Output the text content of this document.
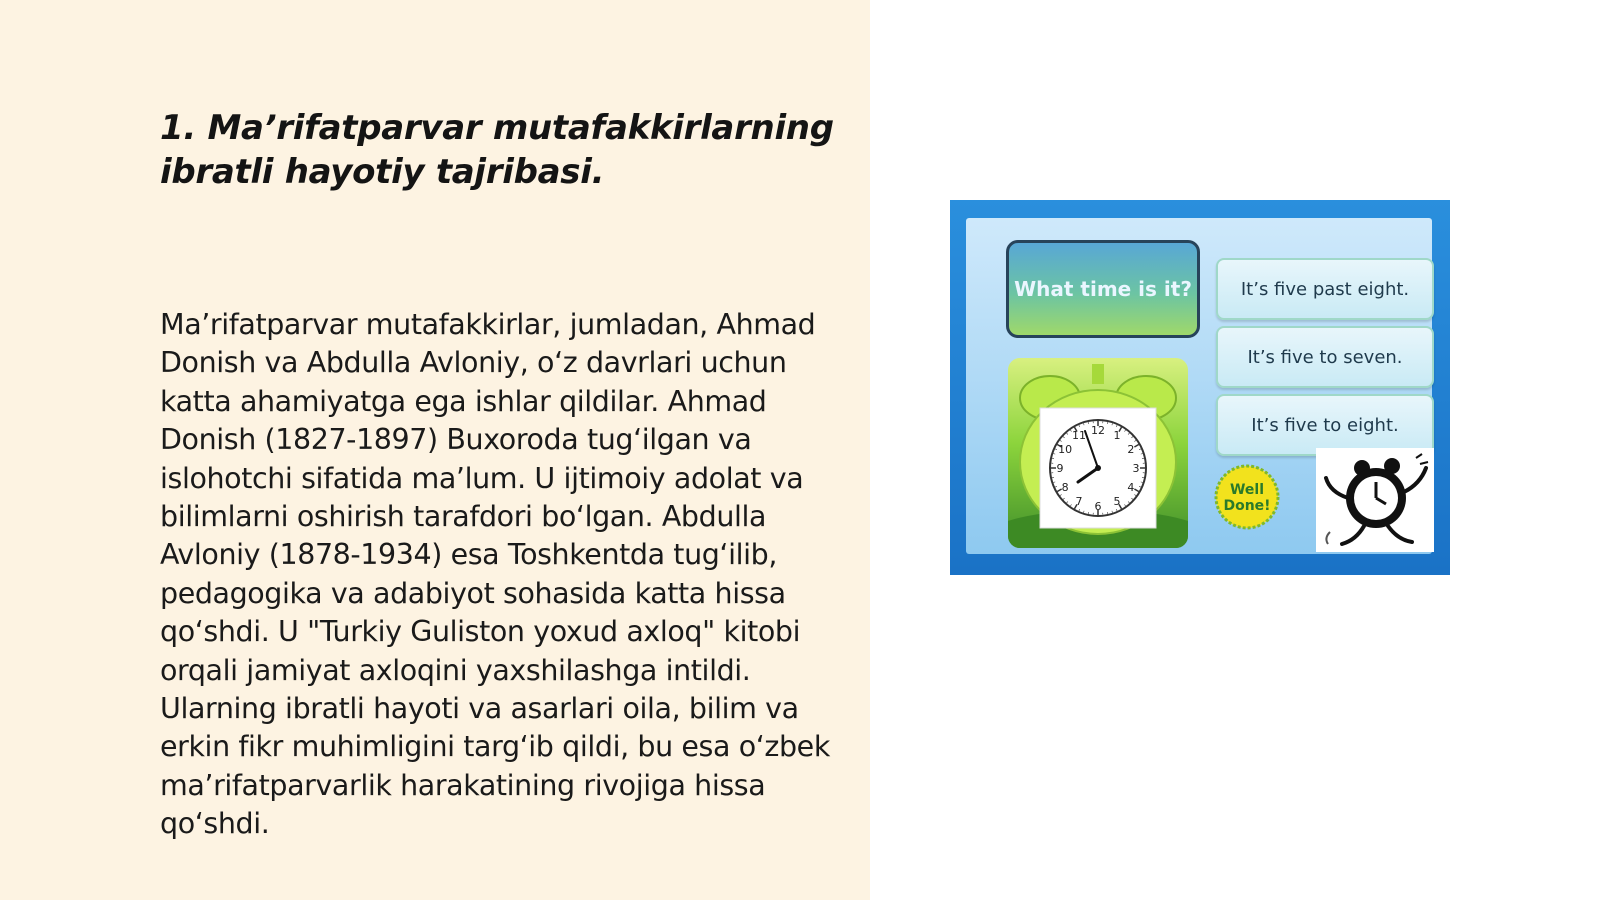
1. Ma’rifatparvar mutafakkirlarning ibratli hayotiy tajribasi.

Ma’rifatparvar mutafakkirlar, jumladan, Ahmad Donish va Abdulla Avloniy, o‘z davrlari uchun katta ahamiyatga ega ishlar qildilar. Ahmad Donish (1827-1897) Buxoroda tug‘ilgan va islohotchi sifatida ma’lum. U ijtimoiy adolat va bilimlarni oshirish tarafdori bo‘lgan. Abdulla Avloniy (1878-1934) esa Toshkentda tug‘ilib, pedagogika va adabiyot sohasida katta hissa qo‘shdi. U "Turkiy Guliston yoxud axloq" kitobi orqali jamiyat axloqini yaxshilashga intildi. Ularning ibratli hayoti va asarlari oila, bilim va erkin fikr muhimligini targ‘ib qildi, bu esa o‘zbek ma’rifatparvarlik harakatining rivojiga hissa qo‘shdi.

What time is it?	It’s five past eight.
It’s five to seven.
It’s five to eight.
12 1
2
3
4
5
6
7
8
9
10
11
Well
Done!
